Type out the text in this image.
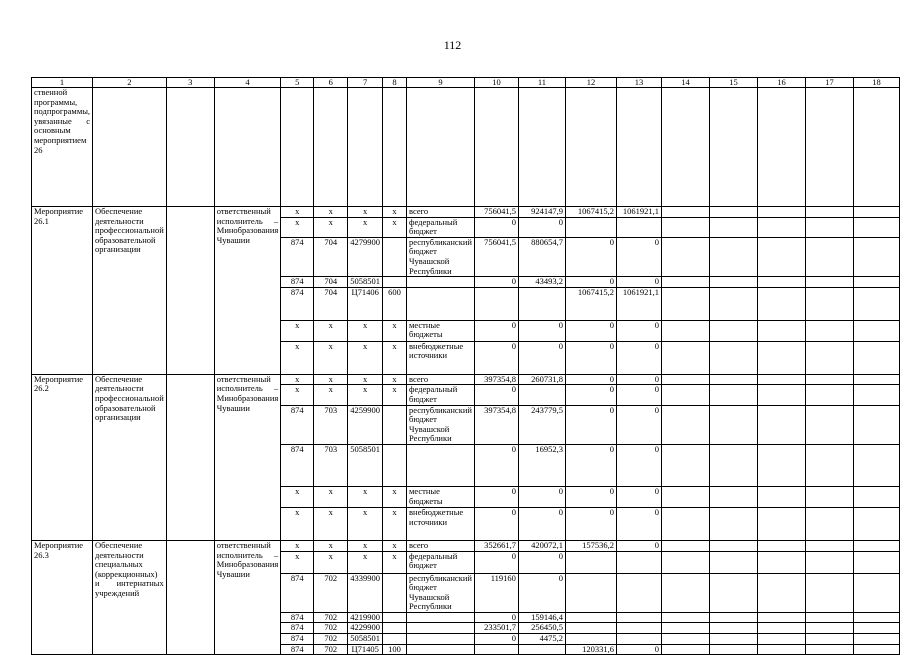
112
1	2	3	4	5	6	7	8	9	10	11	12	13	14	15	16	17	18
ственной программы, подпрограммы, увязанные с основным мероприятием 26																	
Мероприятие 26.1	Обеспечение деятельности профессиональной образовательной организации		ответственный исполнитель – Минобразования Чувашии	x	x	x	x	всего	756041,5	924147,9	1067415,2	1061921,1					
				x	x	x	x	федеральный бюджет	0	0							
				874	704	4279900		республиканский бюджет Чувашской Республики	756041,5	880654,7	0	0					
				874	704	5058501			0	43493,2	0	0					
				874	704	Ц71406	600				1067415,2	1061921,1					
				x	x	x	x	местные бюджеты	0	0	0	0					
				x	x	x	x	внебюджетные источники	0	0	0	0					
Мероприятие 26.2	Обеспечение деятельности профессиональной образовательной организации		ответственный исполнитель – Минобразования Чувашии	x	x	x	x	всего	397354,8	260731,8	0	0					
				x	x	x	x	федеральный бюджет	0		0	0					
				874	703	4259900		республиканский бюджет Чувашской Республики	397354,8	243779,5	0	0					
				874	703	5058501			0	16952,3	0	0					
				x	x	x	x	местные бюджеты	0	0	0	0					
				x	x	x	x	внебюджетные источники	0	0	0	0					
Мероприятие 26.3	Обеспечение деятельности специальных (коррекционных) и интернатных учреждений		ответственный исполнитель – Минобразования Чувашии	x	x	x	x	всего	352661,7	420072,1	157536,2	0					
				x	x	x	x	федеральный бюджет	0	0							
				874	702	4339900		республиканский бюджет Чувашской Республики	119160	0							
				874	702	4219900			0	159146,4							
				874	702	4229900			233501,7	256450,5							
				874	702	5058501			0	4475,2							
				874	702	Ц71405	100				120331,6	0					
